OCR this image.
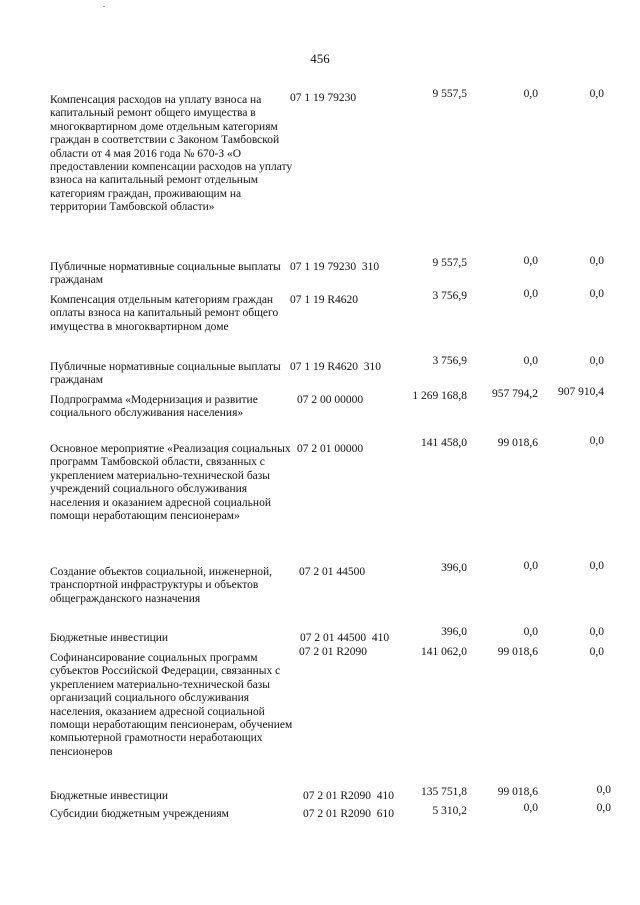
456
Компенсация расходов на уплату взноса на капитальный ремонт общего имущества в многоквартирном доме отдельным категориям граждан в соответствии с Законом Тамбовской области от 4 мая 2016 года № 670-З «О предоставлении компенсации расходов на уплату взноса на капитальный ремонт отдельным категориям граждан, проживающим на территории Тамбовской области»
07 1 19 79230	9 557,5	0,0	0,0
Публичные нормативные социальные выплаты гражданам
07 1 19 79230  310	9 557,5	0,0	0,0
Компенсация отдельным категориям граждан оплаты взноса на капитальный ремонт общего имущества в многоквартирном доме
07 1 19 R4620	3 756,9	0,0	0,0
Публичные нормативные социальные выплаты гражданам
07 1 19 R4620  310	3 756,9	0,0	0,0
Подпрограмма «Модернизация и развитие социального обслуживания населения»
07 2 00 00000	1 269 168,8	957 794,2	907 910,4
Основное мероприятие «Реализация социальных программ Тамбовской области, связанных с укреплением материально-технической базы учреждений социального обслуживания населения и оказанием адресной социальной помощи неработающим пенсионерам»
07 2 01 00000	141 458,0	99 018,6	0,0
Создание объектов социальной, инженерной, транспортной инфраструктуры и объектов общегражданского назначения
07 2 01 44500	396,0	0,0	0,0
Бюджетные инвестиции	07 2 01 44500  410	396,0	0,0	0,0
Софинансирование социальных программ субъектов Российской Федерации, связанных с укреплением материально-технической базы организаций социального обслуживания населения, оказанием адресной социальной помощи неработающим пенсионерам, обучением компьютерной грамотности неработающих пенсионеров
07 2 01 R2090	141 062,0	99 018,6	0,0
Бюджетные инвестиции	07 2 01 R2090  410	135 751,8	99 018,6	0,0
Субсидии бюджетным учреждениям	07 2 01 R2090  610	5 310,2	0,0	0,0
